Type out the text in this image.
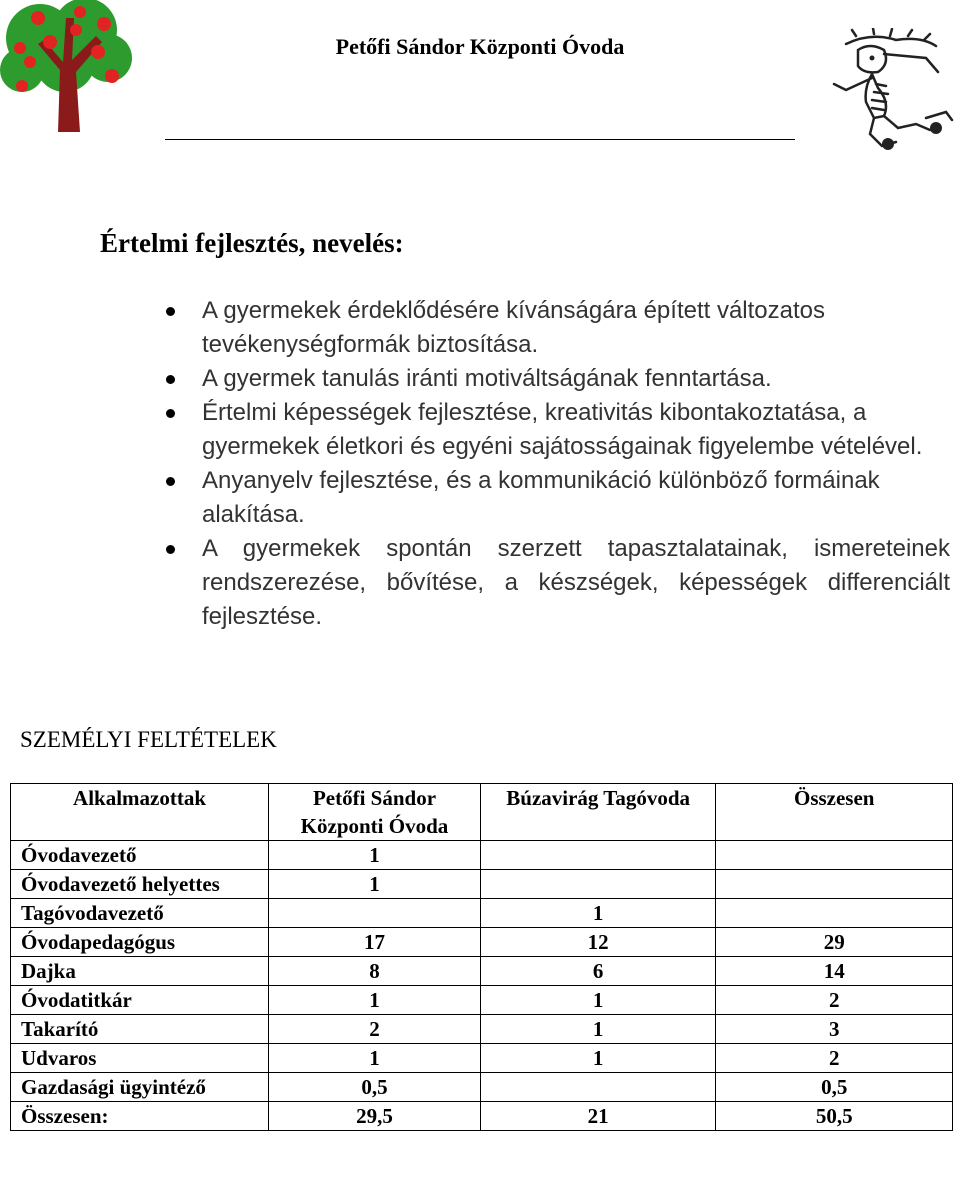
Petőfi Sándor Központi Óvoda
Értelmi fejlesztés, nevelés:
A gyermekek érdeklődésére kívánságára épített változatos tevékenységformák biztosítása.
A gyermek tanulás iránti motiváltságának fenntartása.
Értelmi képességek fejlesztése, kreativitás kibontakoztatása, a gyermekek életkori és egyéni sajátosságainak figyelembe vételével.
Anyanyelv fejlesztése, és a kommunikáció különböző formáinak alakítása.
A gyermekek spontán szerzett tapasztalatainak, ismereteinek rendszerezése, bővítése, a készségek, képességek differenciált fejlesztése.
SZEMÉLYI FELTÉTELEK
Alkalmazottak	Petőfi Sándor Központi Óvoda	Búzavirág Tagóvoda	Összesen
Óvodavezető	1		
Óvodavezető helyettes	1		
Tagóvodavezető		1	
Óvodapedagógus	17	12	29
Dajka	8	6	14
Óvodatitkár	1	1	2
Takarító	2	1	3
Udvaros	1	1	2
Gazdasági ügyintéző	0,5		0,5
Összesen:	29,5	21	50,5
